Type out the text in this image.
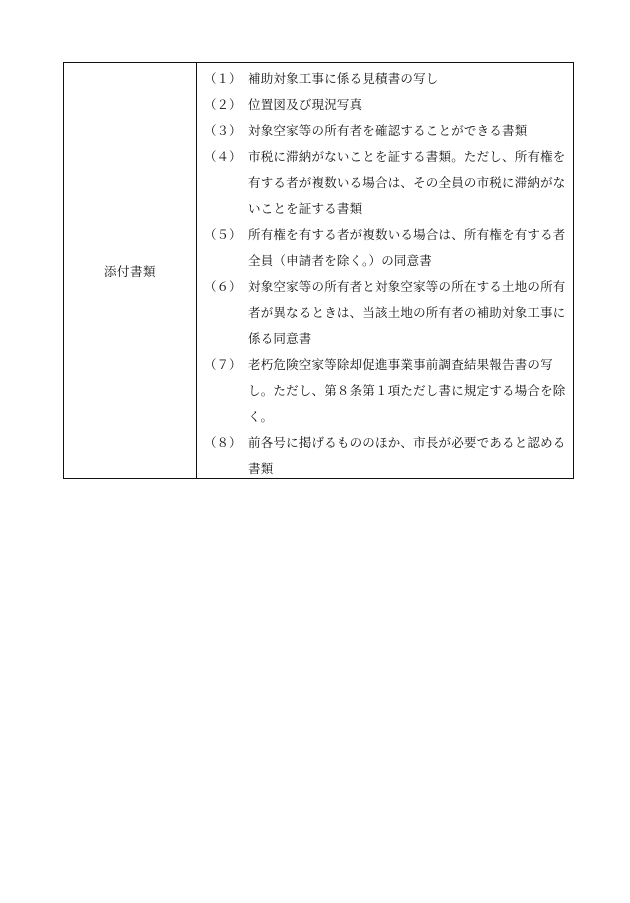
添付書類
（１） 補助対象工事に係る見積書の写し
（２） 位置図及び現況写真
（３） 対象空家等の所有者を確認することができる書類
（４） 市税に滞納がないことを証する書類。ただし、所有権を有する者が複数いる場合は、その全員の市税に滞納がないことを証する書類
（５） 所有権を有する者が複数いる場合は、所有権を有する者全員（申請者を除く。）の同意書
（６） 対象空家等の所有者と対象空家等の所在する土地の所有者が異なるときは、当該土地の所有者の補助対象工事に係る同意書
（７） 老朽危険空家等除却促進事業事前調査結果報告書の写し。ただし、第８条第１項ただし書に規定する場合を除く。
（８） 前各号に掲げるもののほか、市長が必要であると認める書類
